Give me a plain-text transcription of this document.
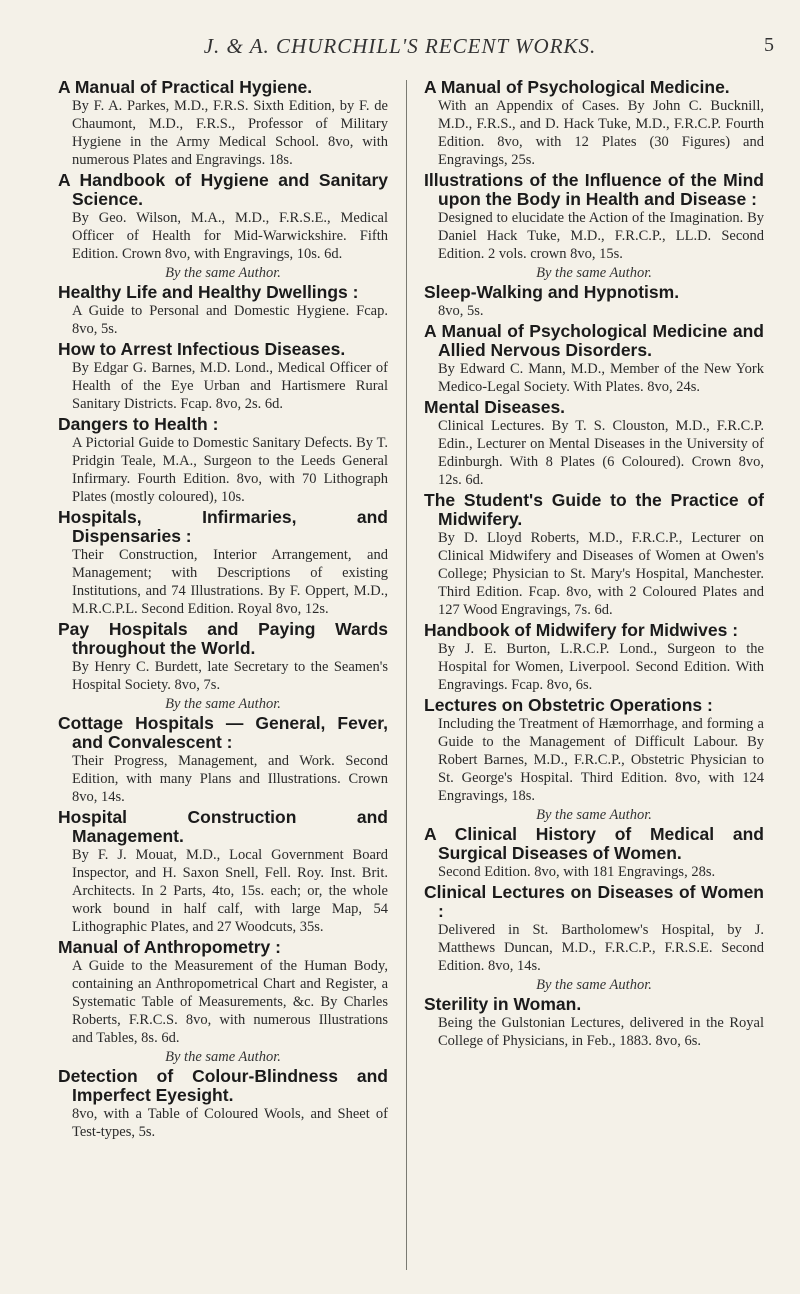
J. & A. CHURCHILL'S RECENT WORKS.	5
A Manual of Practical Hygiene.
By F. A. Parkes, M.D., F.R.S. Sixth Edition, by F. de Chaumont, M.D., F.R.S., Professor of Military Hygiene in the Army Medical School. 8vo, with numerous Plates and Engravings. 18s.
A Handbook of Hygiene and Sanitary Science.
By Geo. Wilson, M.A., M.D., F.R.S.E., Medical Officer of Health for Mid-Warwickshire. Fifth Edition. Crown 8vo, with Engravings, 10s. 6d.
By the same Author.
Healthy Life and Healthy Dwellings :
A Guide to Personal and Domestic Hygiene. Fcap. 8vo, 5s.
How to Arrest Infectious Diseases.
By Edgar G. Barnes, M.D. Lond., Medical Officer of Health of the Eye Urban and Hartismere Rural Sanitary Districts. Fcap. 8vo, 2s. 6d.
Dangers to Health :
A Pictorial Guide to Domestic Sanitary Defects. By T. Pridgin Teale, M.A., Surgeon to the Leeds General Infirmary. Fourth Edition. 8vo, with 70 Lithograph Plates (mostly coloured), 10s.
Hospitals, Infirmaries, and Dispensaries :
Their Construction, Interior Arrangement, and Management; with Descriptions of existing Institutions, and 74 Illustrations. By F. Oppert, M.D., M.R.C.P.L. Second Edition. Royal 8vo, 12s.
Pay Hospitals and Paying Wards throughout the World.
By Henry C. Burdett, late Secretary to the Seamen's Hospital Society. 8vo, 7s.
By the same Author.
Cottage Hospitals — General, Fever, and Convalescent :
Their Progress, Management, and Work. Second Edition, with many Plans and Illustrations. Crown 8vo, 14s.
Hospital Construction and Management.
By F. J. Mouat, M.D., Local Government Board Inspector, and H. Saxon Snell, Fell. Roy. Inst. Brit. Architects. In 2 Parts, 4to, 15s. each; or, the whole work bound in half calf, with large Map, 54 Lithographic Plates, and 27 Woodcuts, 35s.
Manual of Anthropometry :
A Guide to the Measurement of the Human Body, containing an Anthropometrical Chart and Register, a Systematic Table of Measurements, &c. By Charles Roberts, F.R.C.S. 8vo, with numerous Illustrations and Tables, 8s. 6d.
By the same Author.
Detection of Colour-Blindness and Imperfect Eyesight.
8vo, with a Table of Coloured Wools, and Sheet of Test-types, 5s.
A Manual of Psychological Medicine.
With an Appendix of Cases. By John C. Bucknill, M.D., F.R.S., and D. Hack Tuke, M.D., F.R.C.P. Fourth Edition. 8vo, with 12 Plates (30 Figures) and Engravings, 25s.
Illustrations of the Influence of the Mind upon the Body in Health and Disease :
Designed to elucidate the Action of the Imagination. By Daniel Hack Tuke, M.D., F.R.C.P., LL.D. Second Edition. 2 vols. crown 8vo, 15s.
By the same Author.
Sleep-Walking and Hypnotism.
8vo, 5s.
A Manual of Psychological Medicine and Allied Nervous Disorders.
By Edward C. Mann, M.D., Member of the New York Medico-Legal Society. With Plates. 8vo, 24s.
Mental Diseases.
Clinical Lectures. By T. S. Clouston, M.D., F.R.C.P. Edin., Lecturer on Mental Diseases in the University of Edinburgh. With 8 Plates (6 Coloured). Crown 8vo, 12s. 6d.
The Student's Guide to the Practice of Midwifery.
By D. Lloyd Roberts, M.D., F.R.C.P., Lecturer on Clinical Midwifery and Diseases of Women at Owen's College; Physician to St. Mary's Hospital, Manchester. Third Edition. Fcap. 8vo, with 2 Coloured Plates and 127 Wood Engravings, 7s. 6d.
Handbook of Midwifery for Midwives :
By J. E. Burton, L.R.C.P. Lond., Surgeon to the Hospital for Women, Liverpool. Second Edition. With Engravings. Fcap. 8vo, 6s.
Lectures on Obstetric Operations :
Including the Treatment of Hæmorrhage, and forming a Guide to the Management of Difficult Labour. By Robert Barnes, M.D., F.R.C.P., Obstetric Physician to St. George's Hospital. Third Edition. 8vo, with 124 Engravings, 18s.
By the same Author.
A Clinical History of Medical and Surgical Diseases of Women.
Second Edition. 8vo, with 181 Engravings, 28s.
Clinical Lectures on Diseases of Women :
Delivered in St. Bartholomew's Hospital, by J. Matthews Duncan, M.D., F.R.C.P., F.R.S.E. Second Edition. 8vo, 14s.
By the same Author.
Sterility in Woman.
Being the Gulstonian Lectures, delivered in the Royal College of Physicians, in Feb., 1883. 8vo, 6s.
